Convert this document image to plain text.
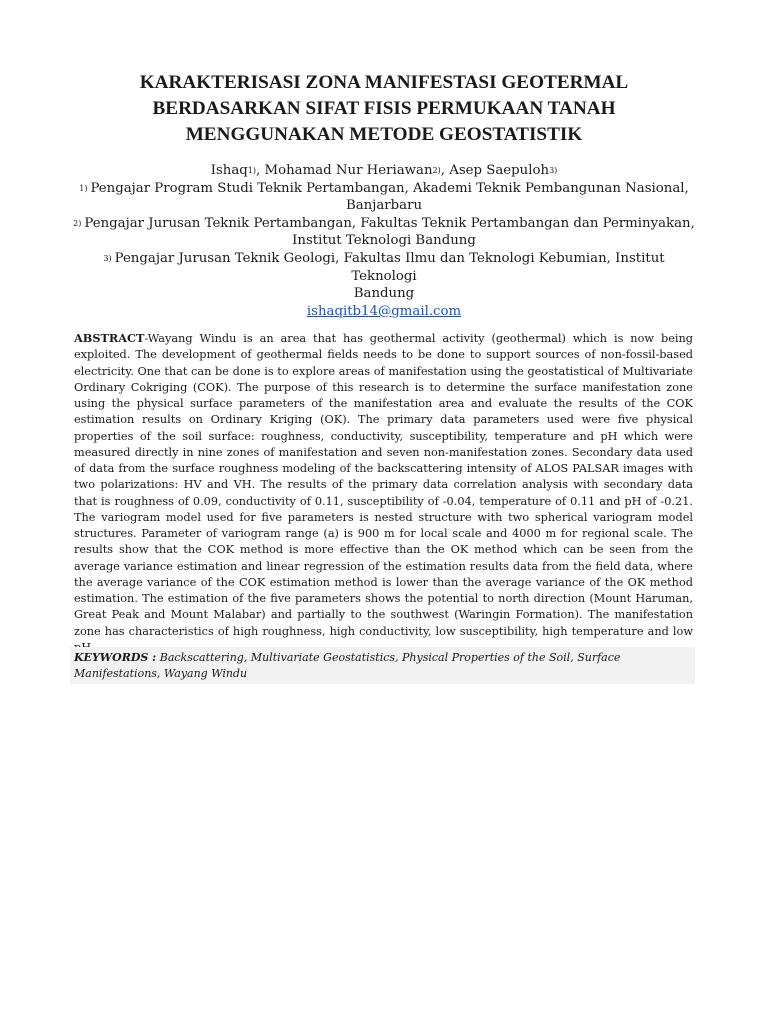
KARAKTERISASI ZONA MANIFESTASI GEOTERMAL
BERDASARKAN SIFAT FISIS PERMUKAAN TANAH
MENGGUNAKAN METODE GEOSTATISTIK
Ishaq$_{1)}$, Mohamad Nur Heriawan$_{2)}$, Asep Saepuloh$_{3)}$
1) Pengajar Program Studi Teknik Pertambangan, Akademi Teknik Pembangunan Nasional,
Banjarbaru
2) Pengajar Jurusan Teknik Pertambangan, Fakultas Teknik Pertambangan dan Perminyakan,
Institut Teknologi Bandung
3) Pengajar Jurusan Teknik Geologi, Fakultas Ilmu dan Teknologi Kebumian, Institut Teknologi
Bandung
ishaqitb14@gmail.com

ABSTRACT-Wayang Windu is an area that has geothermal activity (geothermal) which is now being exploited. The development of geothermal fields needs to be done to support sources of non-fossil-based electricity. One that can be done is to explore areas of manifestation using the geostatistical of Multivariate Ordinary Cokriging (COK). The purpose of this research is to determine the surface manifestation zone using the physical surface parameters of the manifestation area and evaluate the results of the COK estimation results on Ordinary Kriging (OK). The primary data parameters used were five physical properties of the soil surface: roughness, conductivity, susceptibility, temperature and pH which were measured directly in nine zones of manifestation and seven non-manifestation zones. Secondary data used of data from the surface roughness modeling of the backscattering intensity of ALOS PALSAR images with two polarizations: HV and VH. The results of the primary data correlation analysis with secondary data that is roughness of 0.09, conductivity of 0.11, susceptibility of -0.04, temperature of 0.11 and pH of -0.21. The variogram model used for five parameters is nested structure with two spherical variogram model structures. Parameter of variogram range (a) is 900 m for local scale and 4000 m for regional scale. The results show that the COK method is more effective than the OK method which can be seen from the average variance estimation and linear regression of the estimation results data from the field data, where the average variance of the COK estimation method is lower than the average variance of the OK method estimation. The estimation of the five parameters shows the potential to north direction (Mount Haruman, Great Peak and Mount Malabar) and partially to the southwest (Waringin Formation). The manifestation zone has characteristics of high roughness, high conductivity, low susceptibility, high temperature and low

KEYWORDS : Backscattering, Multivariate Geostatistics, Physical Properties of the Soil, Surface Manifestations, Wayang Windu
